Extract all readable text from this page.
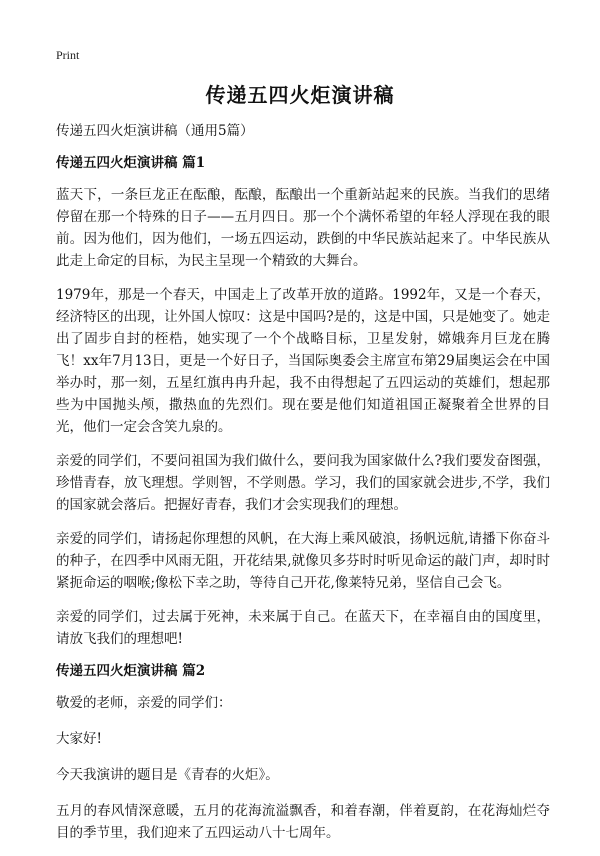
Print
传递五四火炬演讲稿

传递五四火炬演讲稿（通用5篇）

传递五四火炬演讲稿 篇1

蓝天下，一条巨龙正在酝酿，酝酿，酝酿出一个重新站起来的民族。当我们的思绪停留在那一个特殊的日子——五月四日。那一个个满怀希望的年轻人浮现在我的眼前。因为他们，因为他们，一场五四运动，跌倒的中华民族站起来了。中华民族从此走上命定的目标，为民主呈现一个精致的大舞台。

1979年，那是一个春天，中国走上了改革开放的道路。1992年，又是一个春天，经济特区的出现，让外国人惊叹：这是中国吗?是的，这是中国，只是她变了。她走出了固步自封的桎梏，她实现了一个个战略目标，卫星发射，嫦娥奔月巨龙在腾飞！xx年7月13日，更是一个好日子，当国际奥委会主席宣布第29届奥运会在中国举办时，那一刻，五星红旗冉冉升起，我不由得想起了五四运动的英雄们，想起那些为中国抛头颅，撒热血的先烈们。现在要是他们知道祖国正凝聚着全世界的目光，他们一定会含笑九泉的。

亲爱的同学们，不要问祖国为我们做什么，要问我为国家做什么?我们要发奋图强，珍惜青春，放飞理想。学则智，不学则愚。学习，我们的国家就会进步,不学，我们的国家就会落后。把握好青春，我们才会实现我们的理想。

亲爱的同学们，请扬起你理想的风帆，在大海上乘风破浪，扬帆远航,请播下你奋斗的种子，在四季中风雨无阻，开花结果,就像贝多芬时时听见命运的敲门声，却时时紧扼命运的咽喉;像松下幸之助，等待自己开花,像莱特兄弟，坚信自己会飞。

亲爱的同学们，过去属于死神，未来属于自己。在蓝天下，在幸福自由的国度里，请放飞我们的理想吧!

传递五四火炬演讲稿 篇2

敬爱的老师，亲爱的同学们：

大家好!

今天我演讲的题目是《青春的火炬》。

五月的春风情深意暖，五月的花海流溢飘香，和着春潮，伴着夏韵，在花海灿烂夺目的季节里，我们迎来了五四运动八十七周年。
